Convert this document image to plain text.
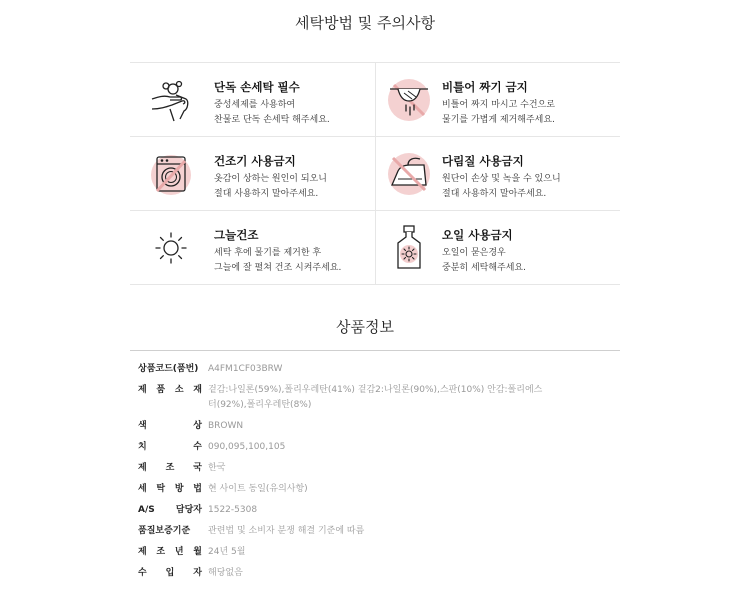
세탁방법 및 주의사항
단독 손세탁 필수
중성세제를 사용하여
찬물로 단독 손세탁 해주세요.
비틀어 짜기 금지
비틀어 짜지 마시고 수건으로
물기를 가볍게 제거해주세요.
건조기 사용금지
옷감이 상하는 원인이 되오니
절대 사용하지 말아주세요.
다림질 사용금지
원단이 손상 및 녹을 수 있으니
절대 사용하지 말아주세요.
그늘건조
세탁 후에 물기를 제거한 후
그늘에 잘 펼쳐 건조 시켜주세요.
오일 사용금지
오일이 묻은경우
중분히 세탁해주세요.
상품정보
상품코드(품번)	A4FM1CF03BRW
제 품 소 재 겉감:나일론(59%),폴리우레탄(41%) 겉감2:나일론(90%),스판(10%) 안감:폴리에스터(92%),폴리우레탄(8%)
색 상 BROWN
치 수 090,095,100,105
제 조 국 한국
세 탁 방 법 현 사이트 동일(유의사항)
A/S 담당자 1522-5308
품질보증기준	관련법 및 소비자 분쟁 해결 기준에 따름
제 조 년 월 24년 5월
수 입 자 해당없음
